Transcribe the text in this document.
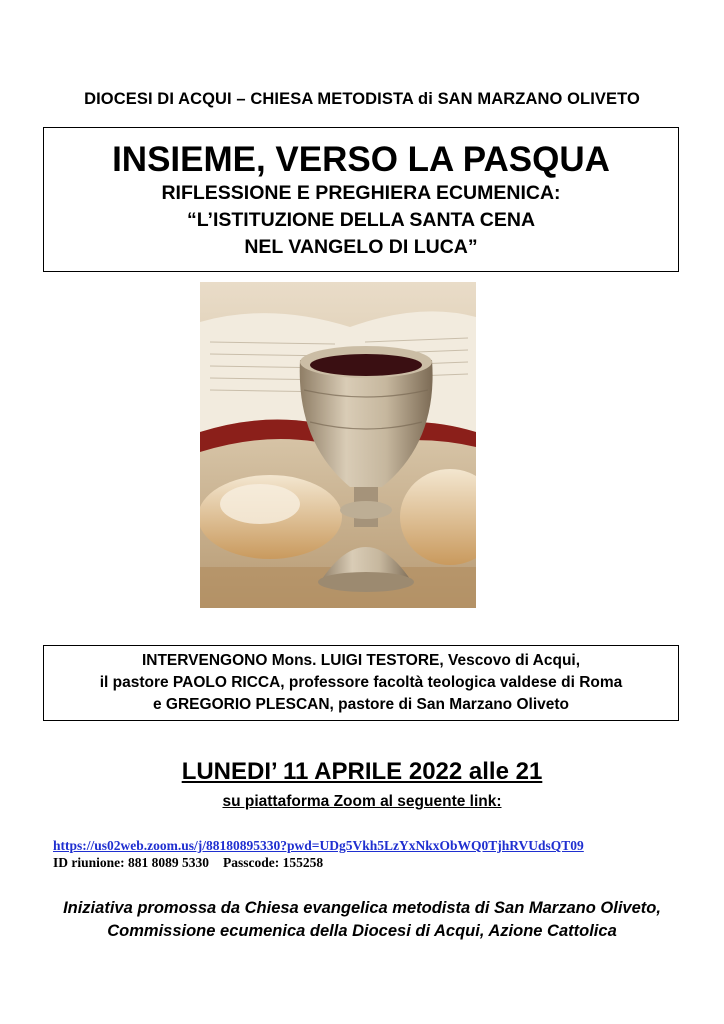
DIOCESI DI ACQUI – CHIESA METODISTA di SAN MARZANO OLIVETO
INSIEME, VERSO LA PASQUA
RIFLESSIONE E PREGHIERA ECUMENICA:
“L’ISTITUZIONE DELLA SANTA CENA
NEL VANGELO DI LUCA”
INTERVENGONO Mons. LUIGI TESTORE, Vescovo di Acqui,
il pastore PAOLO RICCA, professore facoltà teologica valdese di Roma
e GREGORIO PLESCAN, pastore di San Marzano Oliveto
LUNEDI’ 11 APRILE 2022 alle 21
su piattaforma Zoom al seguente link:
https://us02web.zoom.us/j/88180895330?pwd=UDg5Vkh5LzYxNkxObWQ0TjhRVUdsQT09
ID riunione: 881 8089 5330 Passcode: 155258
Iniziativa promossa da Chiesa evangelica metodista di San Marzano Oliveto,
Commissione ecumenica della Diocesi di Acqui, Azione Cattolica
